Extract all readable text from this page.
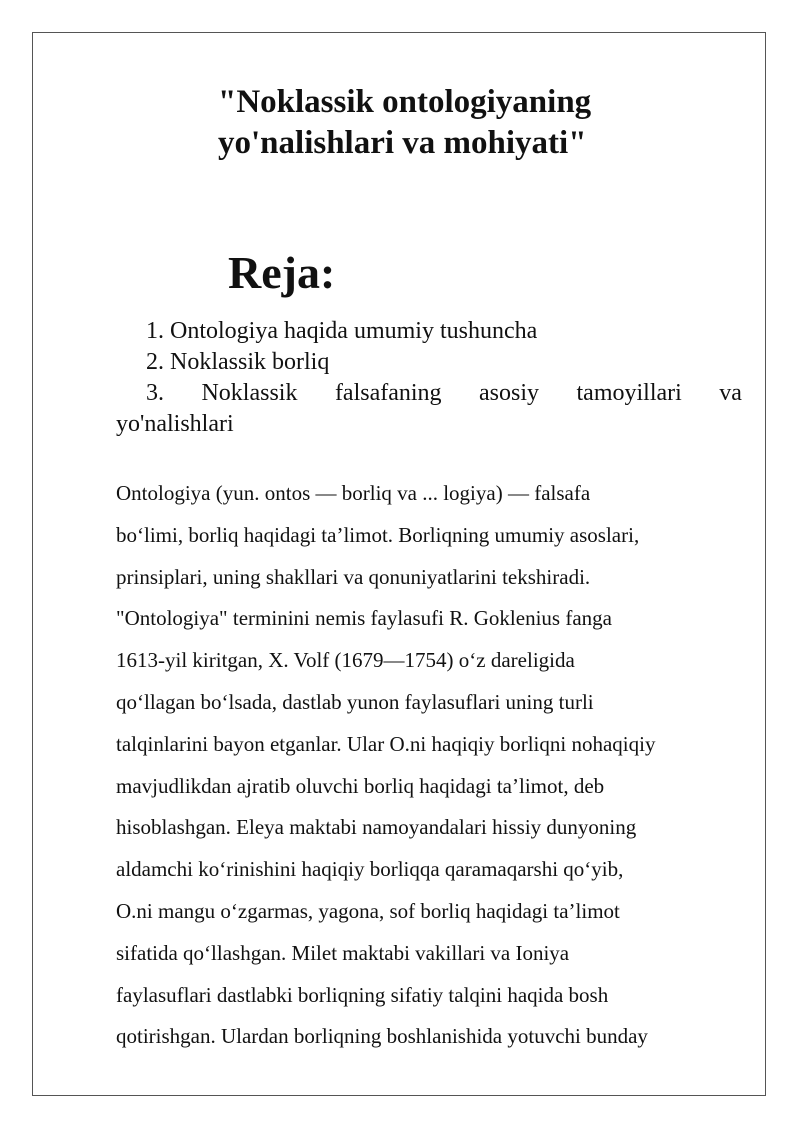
"Noklassik ontologiyaning
yo'nalishlari va mohiyati"
Reja:
1. Ontologiya haqida umumiy tushuncha
2. Noklassik borliq
3. Noklassik falsafaning asosiy tamoyillari va
yo'nalishlari

Ontologiya (yun. ontos — borliq va ... logiya) — falsafa
bo‘limi, borliq haqidagi ta’limot. Borliqning umumiy asoslari,
prinsiplari, uning shakllari va qonuniyatlarini tekshiradi.
"Ontologiya" terminini nemis faylasufi R. Goklenius fanga
1613-yil kiritgan, X. Volf (1679—1754) o‘z dareligida
qo‘llagan bo‘lsada, dastlab yunon faylasuflari uning turli
talqinlarini bayon etganlar. Ular O.ni haqiqiy borliqni nohaqiqiy
mavjudlikdan ajratib oluvchi borliq haqidagi ta’limot, deb
hisoblashgan. Eleya maktabi namoyandalari hissiy dunyoning
aldamchi ko‘rinishini haqiqiy borliqqa qaramaqarshi qo‘yib,
O.ni mangu o‘zgarmas, yagona, sof borliq haqidagi ta’limot
sifatida qo‘llashgan. Milet maktabi vakillari va Ioniya
faylasuflari dastlabki borliqning sifatiy talqini haqida bosh
qotirishgan. Ulardan borliqning boshlanishida yotuvchi bunday
